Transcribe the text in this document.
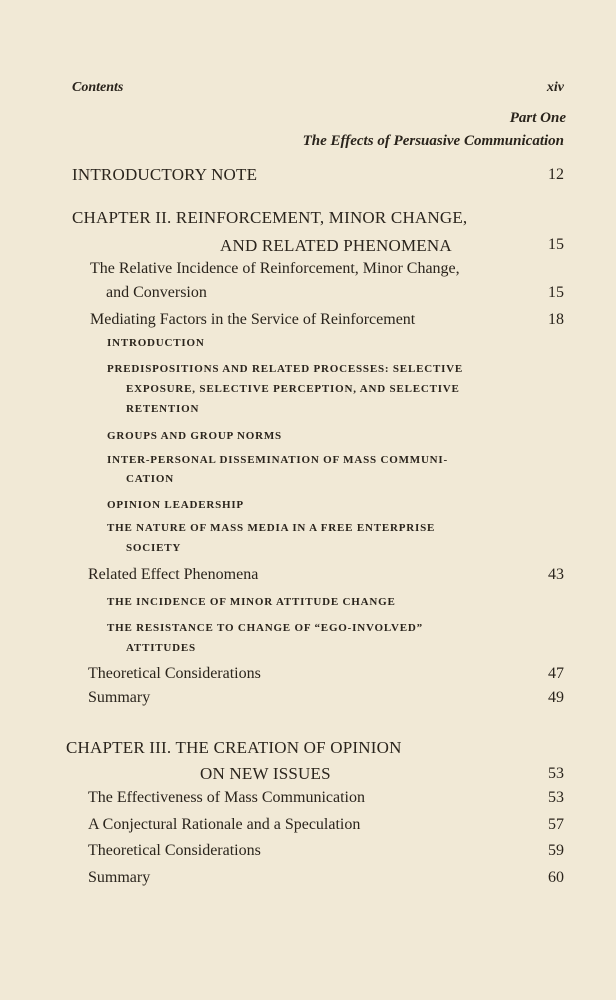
Contents	xiv
Part One
The Effects of Persuasive Communication
INTRODUCTORY NOTE	12
CHAPTER II. REINFORCEMENT, MINOR CHANGE,
AND RELATED PHENOMENA	15
The Relative Incidence of Reinforcement, Minor Change,
and Conversion	15
Mediating Factors in the Service of Reinforcement	18
INTRODUCTION
PREDISPOSITIONS AND RELATED PROCESSES: SELECTIVE
EXPOSURE, SELECTIVE PERCEPTION, AND SELECTIVE
RETENTION
GROUPS AND GROUP NORMS
INTER-PERSONAL DISSEMINATION OF MASS COMMUNI-
CATION
OPINION LEADERSHIP
THE NATURE OF MASS MEDIA IN A FREE ENTERPRISE
SOCIETY
Related Effect Phenomena	43
THE INCIDENCE OF MINOR ATTITUDE CHANGE
THE RESISTANCE TO CHANGE OF “EGO-INVOLVED”
ATTITUDES
Theoretical Considerations	47
Summary	49
CHAPTER III. THE CREATION OF OPINION
ON NEW ISSUES	53
The Effectiveness of Mass Communication	53
A Conjectural Rationale and a Speculation	57
Theoretical Considerations	59
Summary	60
